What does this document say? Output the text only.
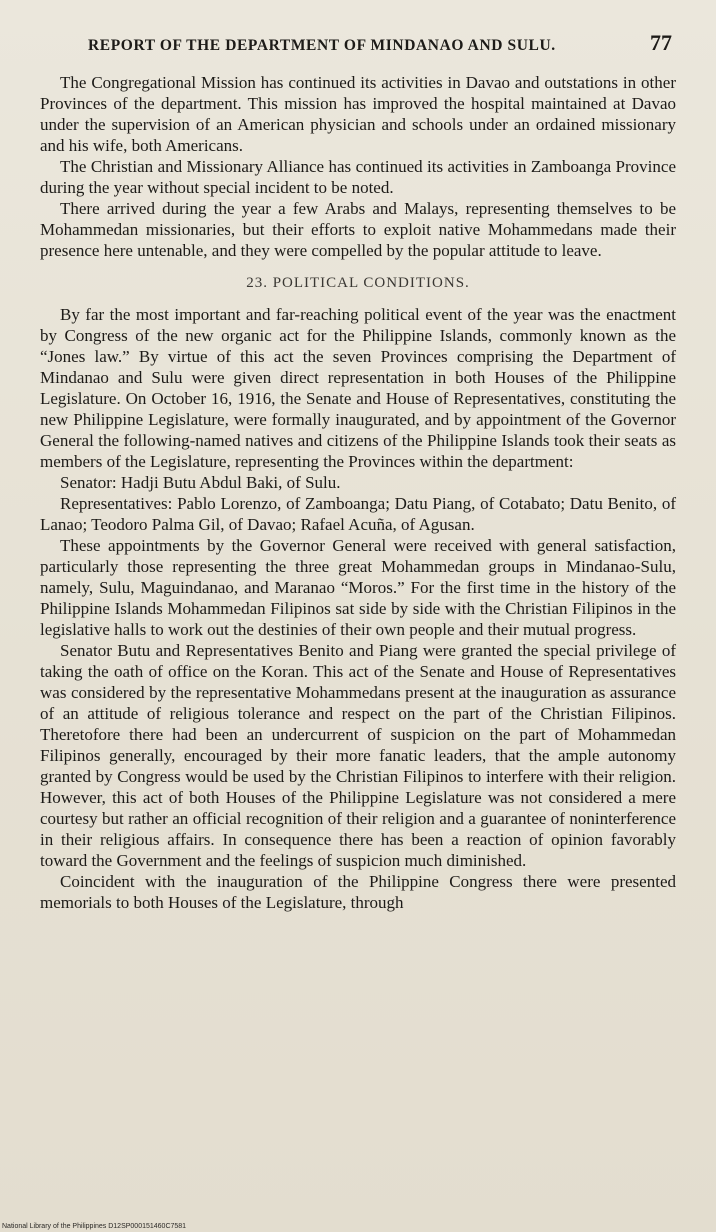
REPORT OF THE DEPARTMENT OF MINDANAO AND SULU.	77

The Congregational Mission has continued its activities in Davao and outstations in other Provinces of the department. This mission has improved the hospital maintained at Davao under the supervision of an American physician and schools under an ordained missionary and his wife, both Americans.

The Christian and Missionary Alliance has continued its activities in Zamboanga Province during the year without special incident to be noted.

There arrived during the year a few Arabs and Malays, representing themselves to be Mohammedan missionaries, but their efforts to exploit native Mohammedans made their presence here untenable, and they were compelled by the popular attitude to leave.

23. POLITICAL CONDITIONS.

By far the most important and far-reaching political event of the year was the enactment by Congress of the new organic act for the Philippine Islands, commonly known as the “Jones law.” By virtue of this act the seven Provinces comprising the Department of Mindanao and Sulu were given direct representation in both Houses of the Philippine Legislature. On October 16, 1916, the Senate and House of Representatives, constituting the new Philippine Legislature, were formally inaugurated, and by appointment of the Governor General the following-named natives and citizens of the Philippine Islands took their seats as members of the Legislature, representing the Provinces within the department:

Senator: Hadji Butu Abdul Baki, of Sulu.

Representatives: Pablo Lorenzo, of Zamboanga; Datu Piang, of Cotabato; Datu Benito, of Lanao; Teodoro Palma Gil, of Davao; Rafael Acuña, of Agusan.

These appointments by the Governor General were received with general satisfaction, particularly those representing the three great Mohammedan groups in Mindanao-Sulu, namely, Sulu, Maguindanao, and Maranao “Moros.” For the first time in the history of the Philippine Islands Mohammedan Filipinos sat side by side with the Christian Filipinos in the legislative halls to work out the destinies of their own people and their mutual progress.

Senator Butu and Representatives Benito and Piang were granted the special privilege of taking the oath of office on the Koran. This act of the Senate and House of Representatives was considered by the representative Mohammedans present at the inauguration as assurance of an attitude of religious tolerance and respect on the part of the Christian Filipinos. Theretofore there had been an undercurrent of suspicion on the part of Mohammedan Filipinos generally, encouraged by their more fanatic leaders, that the ample autonomy granted by Congress would be used by the Christian Filipinos to interfere with their religion. However, this act of both Houses of the Philippine Legislature was not considered a mere courtesy but rather an official recognition of their religion and a guarantee of noninterference in their religious affairs. In consequence there has been a reaction of opinion favorably toward the Government and the feelings of suspicion much diminished.

Coincident with the inauguration of the Philippine Congress there were presented memorials to both Houses of the Legislature, through

National Library of the Philippines D12SP000151460C7581
